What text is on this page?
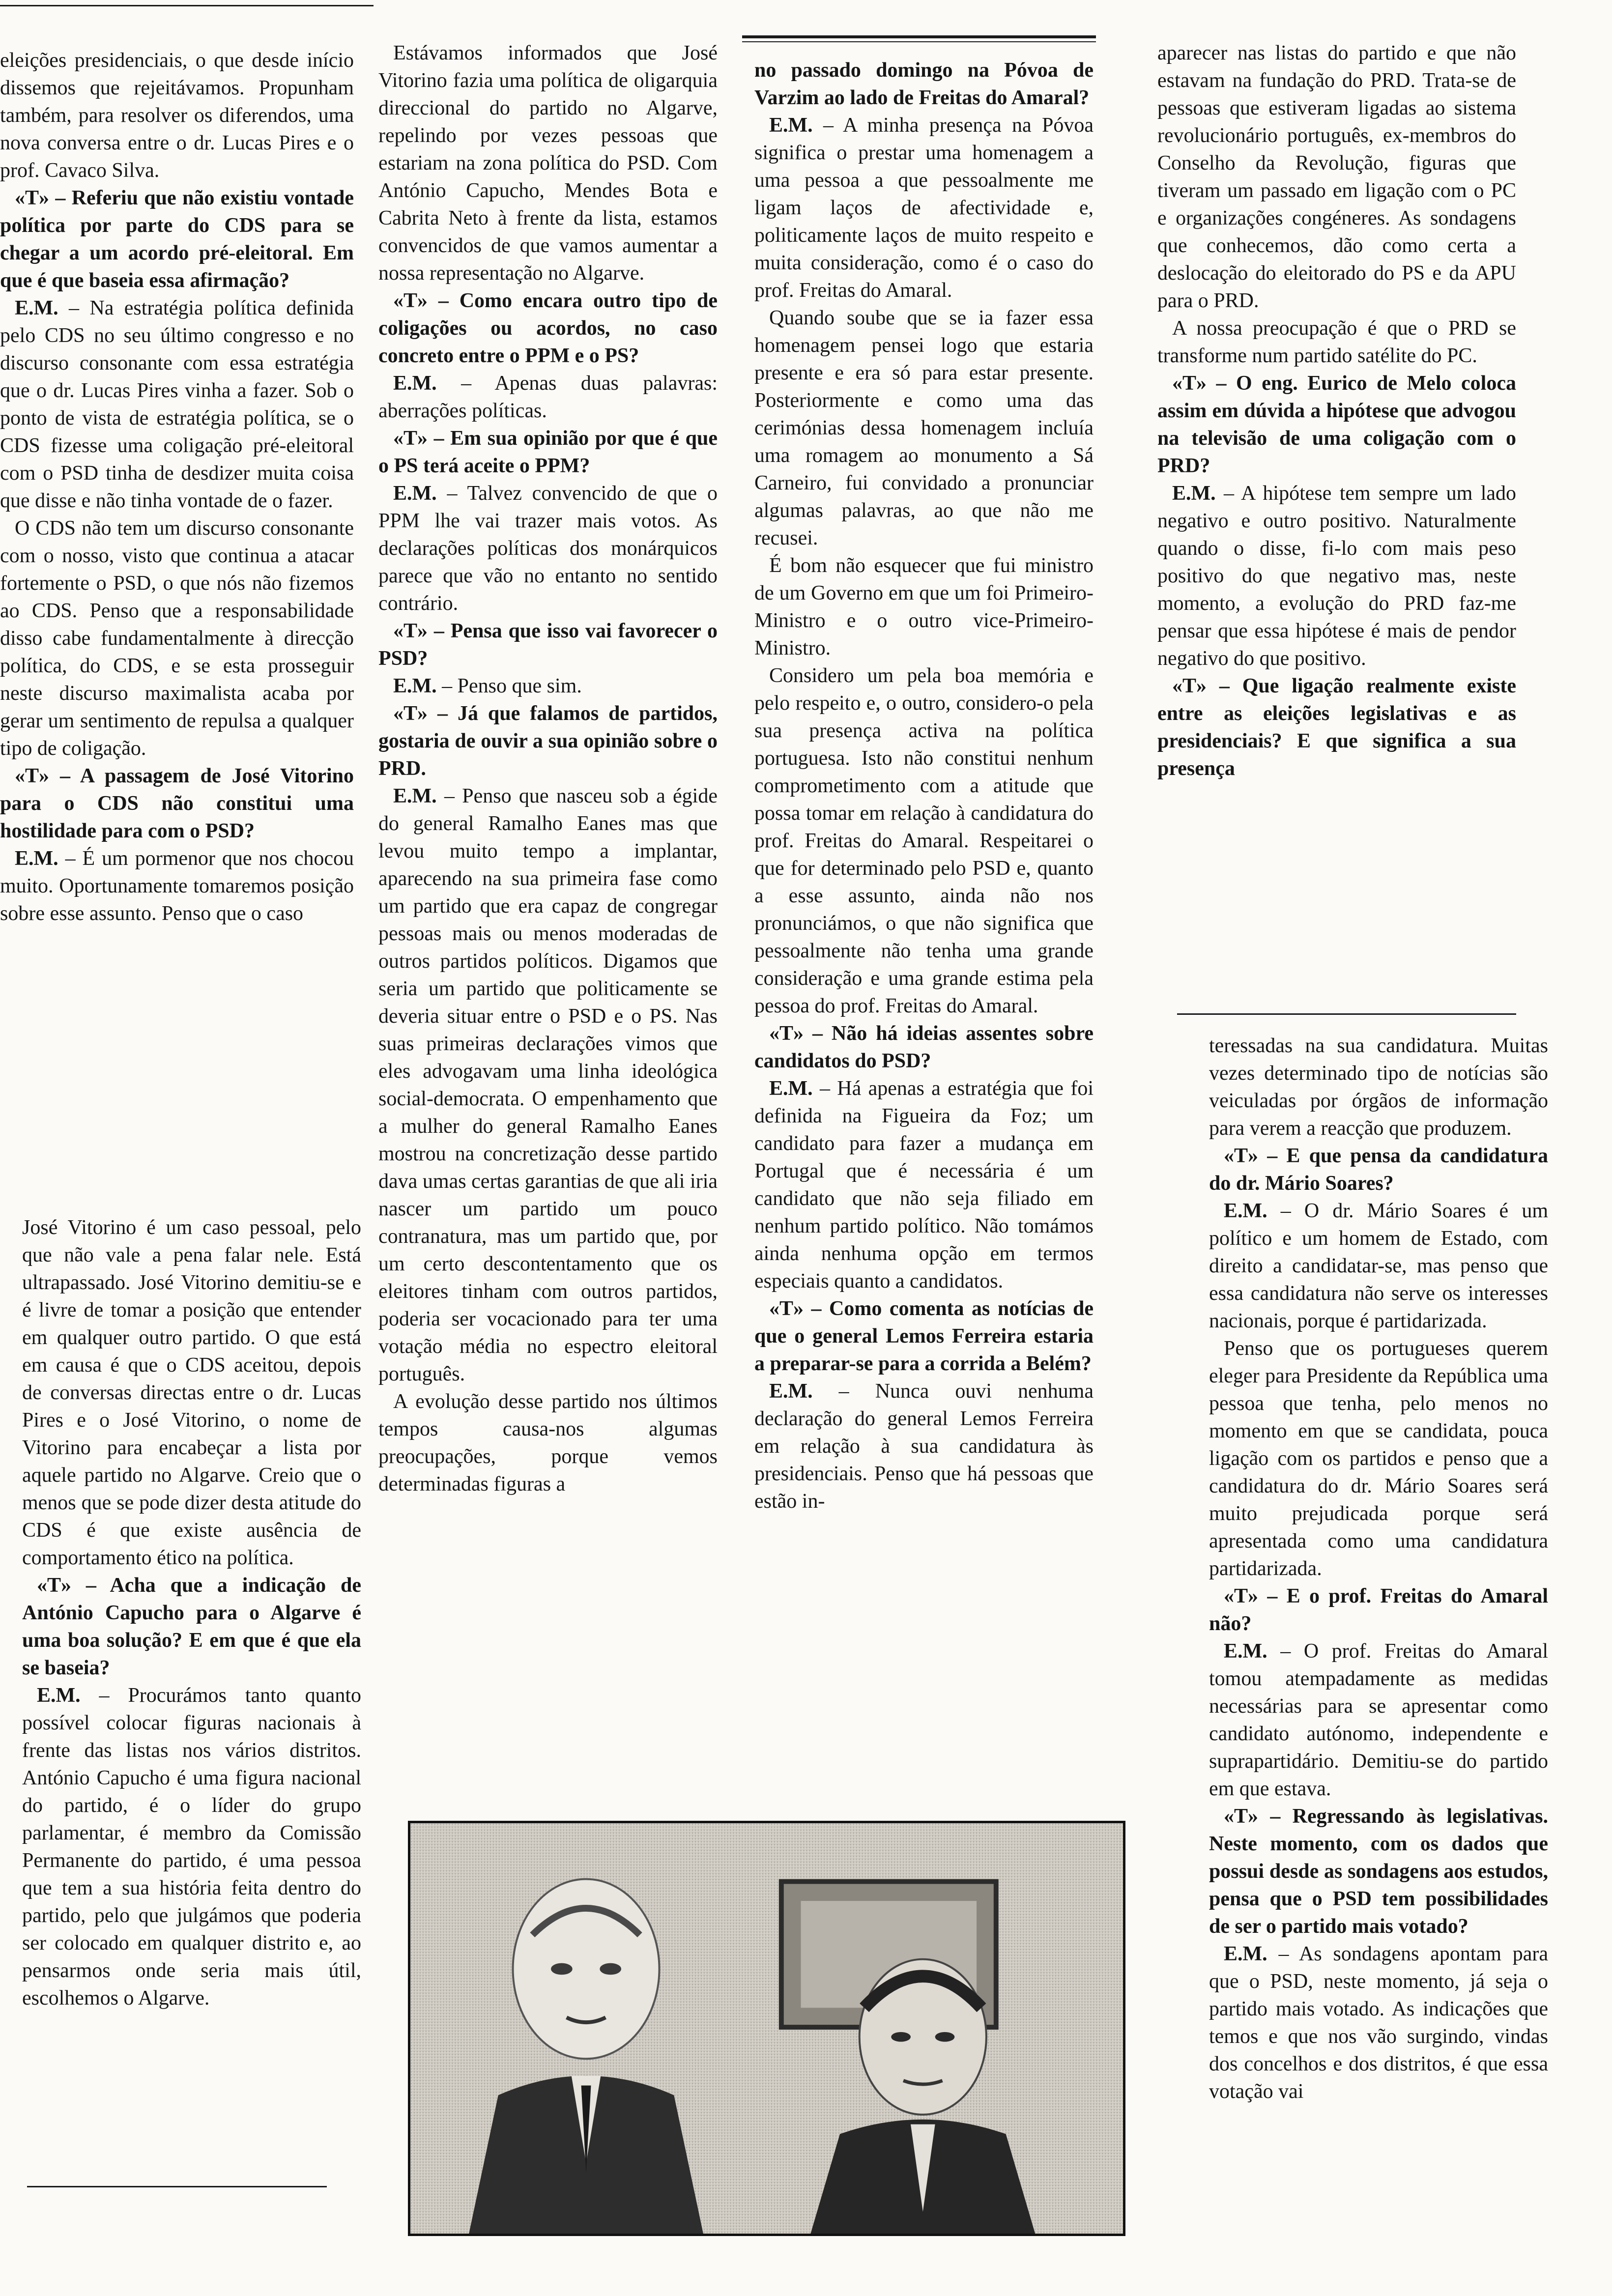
eleições presidenciais, o que desde início dissemos que rejeitávamos. Propunham também, para resolver os diferendos, uma nova conversa entre o dr. Lucas Pires e o prof. Cavaco Silva.

«T» – Referiu que não existiu vontade política por parte do CDS para se chegar a um acordo pré-eleitoral. Em que é que baseia essa afirmação?

E.M. – Na estratégia política definida pelo CDS no seu último congresso e no discurso consonante com essa estratégia que o dr. Lucas Pires vinha a fazer. Sob o ponto de vista de estratégia política, se o CDS fizesse uma coligação pré-eleitoral com o PSD tinha de desdizer muita coisa que disse e não tinha vontade de o fazer.

O CDS não tem um discurso consonante com o nosso, visto que continua a atacar fortemente o PSD, o que nós não fizemos ao CDS. Penso que a responsabilidade disso cabe fundamentalmente à direcção política, do CDS, e se esta prosseguir neste discurso maximalista acaba por gerar um sentimento de repulsa a qualquer tipo de coligação.

«T» – A passagem de José Vitorino para o CDS não constitui uma hostilidade para com o PSD?

E.M. – É um pormenor que nos chocou muito. Oportunamente tomaremos posição sobre esse assunto. Penso que o caso

José Vitorino é um caso pessoal, pelo que não vale a pena falar nele. Está ultrapassado. José Vitorino demitiu-se e é livre de tomar a posição que entender em qualquer outro partido. O que está em causa é que o CDS aceitou, depois de conversas directas entre o dr. Lucas Pires e o José Vitorino, o nome de Vitorino para encabeçar a lista por aquele partido no Algarve. Creio que o menos que se pode dizer desta atitude do CDS é que existe ausência de comportamento ético na política.

«T» – Acha que a indicação de António Capucho para o Algarve é uma boa solução? E em que é que ela se baseia?

E.M. – Procurámos tanto quanto possível colocar figuras nacionais à frente das listas nos vários distritos. António Capucho é uma figura nacional do partido, é o líder do grupo parlamentar, é membro da Comissão Permanente do partido, é uma pessoa que tem a sua história feita dentro do partido, pelo que julgámos que poderia ser colocado em qualquer distrito e, ao pensarmos onde seria mais útil, escolhemos o Algarve.

Estávamos informados que José Vitorino fazia uma política de oligarquia direccional do partido no Algarve, repelindo por vezes pessoas que estariam na zona política do PSD. Com António Capucho, Mendes Bota e Cabrita Neto à frente da lista, estamos convencidos de que vamos aumentar a nossa representação no Algarve.

«T» – Como encara outro tipo de coligações ou acordos, no caso concreto entre o PPM e o PS?

E.M. – Apenas duas palavras: aberrações políticas.

«T» – Em sua opinião por que é que o PS terá aceite o PPM?

E.M. – Talvez convencido de que o PPM lhe vai trazer mais votos. As declarações políticas dos monárquicos parece que vão no entanto no sentido contrário.

«T» – Pensa que isso vai favorecer o PSD?

E.M. – Penso que sim.

«T» – Já que falamos de partidos, gostaria de ouvir a sua opinião sobre o PRD.

E.M. – Penso que nasceu sob a égide do general Ramalho Eanes mas que levou muito tempo a implantar, aparecendo na sua primeira fase como um partido que era capaz de congregar pessoas mais ou menos moderadas de outros partidos políticos. Digamos que seria um partido que politicamente se deveria situar entre o PSD e o PS. Nas suas primeiras declarações vimos que eles advogavam uma linha ideológica social-democrata. O empenhamento que a mulher do general Ramalho Eanes mostrou na concretização desse partido dava umas certas garantias de que ali iria nascer um partido um pouco contranatura, mas um partido que, por um certo descontentamento que os eleitores tinham com outros partidos, poderia ser vocacionado para ter uma votação média no espectro eleitoral português.

A evolução desse partido nos últimos tempos causa-nos algumas preocupações, porque vemos determinadas figuras a

no passado domingo na Póvoa de Varzim ao lado de Freitas do Amaral?

E.M. – A minha presença na Póvoa significa o prestar uma homenagem a uma pessoa a que pessoalmente me ligam laços de afectividade e, politicamente laços de muito respeito e muita consideração, como é o caso do prof. Freitas do Amaral.

Quando soube que se ia fazer essa homenagem pensei logo que estaria presente e era só para estar presente. Posteriormente e como uma das cerimónias dessa homenagem incluía uma romagem ao monumento a Sá Carneiro, fui convidado a pronunciar algumas palavras, ao que não me recusei.

É bom não esquecer que fui ministro de um Governo em que um foi Primeiro-Ministro e o outro vice-Primeiro-Ministro.

Considero um pela boa memória e pelo respeito e, o outro, considero-o pela sua presença activa na política portuguesa. Isto não constitui nenhum comprometimento com a atitude que possa tomar em relação à candidatura do prof. Freitas do Amaral. Respeitarei o que for determinado pelo PSD e, quanto a esse assunto, ainda não nos pronunciámos, o que não significa que pessoalmente não tenha uma grande consideração e uma grande estima pela pessoa do prof. Freitas do Amaral.

«T» – Não há ideias assentes sobre candidatos do PSD?

E.M. – Há apenas a estratégia que foi definida na Figueira da Foz; um candidato para fazer a mudança em Portugal que é necessária é um candidato que não seja filiado em nenhum partido político. Não tomámos ainda nenhuma opção em termos especiais quanto a candidatos.

«T» – Como comenta as notícias de que o general Lemos Ferreira estaria a preparar-se para a corrida a Belém?

E.M. – Nunca ouvi nenhuma declaração do general Lemos Ferreira em relação à sua candidatura às presidenciais. Penso que há pessoas que estão in-

aparecer nas listas do partido e que não estavam na fundação do PRD. Trata-se de pessoas que estiveram ligadas ao sistema revolucionário português, ex-membros do Conselho da Revolução, figuras que tiveram um passado em ligação com o PC e organizações congéneres. As sondagens que conhecemos, dão como certa a deslocação do eleitorado do PS e da APU para o PRD.

A nossa preocupação é que o PRD se transforme num partido satélite do PC.

«T» – O eng. Eurico de Melo coloca assim em dúvida a hipótese que advogou na televisão de uma coligação com o PRD?

E.M. – A hipótese tem sempre um lado negativo e outro positivo. Naturalmente quando o disse, fi-lo com mais peso positivo do que negativo mas, neste momento, a evolução do PRD faz-me pensar que essa hipótese é mais de pendor negativo do que positivo.

«T» – Que ligação realmente existe entre as eleições legislativas e as presidenciais? E que significa a sua presença

teressadas na sua candidatura. Muitas vezes determinado tipo de notícias são veiculadas por órgãos de informação para verem a reacção que produzem.

«T» – E que pensa da candidatura do dr. Mário Soares?

E.M. – O dr. Mário Soares é um político e um homem de Estado, com direito a candidatar-se, mas penso que essa candidatura não serve os interesses nacionais, porque é partidarizada.

Penso que os portugueses querem eleger para Presidente da República uma pessoa que tenha, pelo menos no momento em que se candidata, pouca ligação com os partidos e penso que a candidatura do dr. Mário Soares será muito prejudicada porque será apresentada como uma candidatura partidarizada.

«T» – E o prof. Freitas do Amaral não?

E.M. – O prof. Freitas do Amaral tomou atempadamente as medidas necessárias para se apresentar como candidato autónomo, independente e suprapartidário. Demitiu-se do partido em que estava.

«T» – Regressando às legislativas. Neste momento, com os dados que possui desde as sondagens aos estudos, pensa que o PSD tem possibilidades de ser o partido mais votado?

E.M. – As sondagens apontam para que o PSD, neste momento, já seja o partido mais votado. As indicações que temos e que nos vão surgindo, vindas dos concelhos e dos distritos, é que essa votação vai
